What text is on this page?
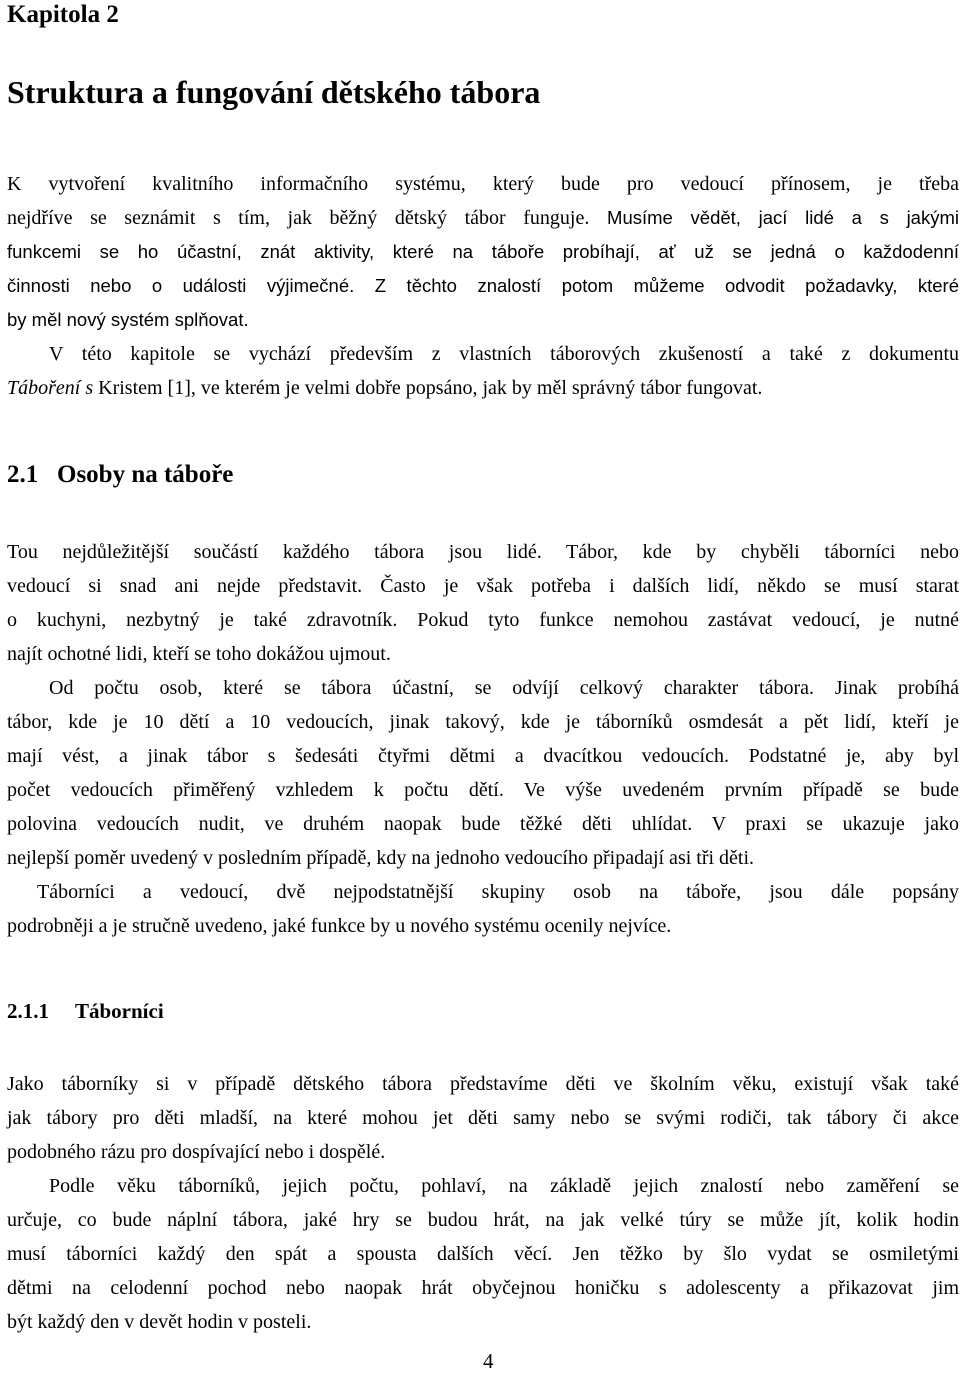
Kapitola 2
Struktura a fungování dětského tábora
K vytvoření kvalitního informačního systému, který bude pro vedoucí přínosem, je třeba
nejdříve se seznámit s tím, jak běžný dětský tábor funguje. Musíme vědět, jací lidé a s jakými
funkcemi se ho účastní, znát aktivity, které na táboře probíhají, ať už se jedná o každodenní
činnosti nebo o události výjimečné. Z těchto znalostí potom můžeme odvodit požadavky, které
by měl nový systém splňovat.
V této kapitole se vychází především z vlastních táborových zkušeností a také z dokumentu
Táboření s Kristem [1], ve kterém je velmi dobře popsáno, jak by měl správný tábor fungovat.
2.1 Osoby na táboře
Tou nejdůležitější součástí každého tábora jsou lidé. Tábor, kde by chyběli táborníci nebo
vedoucí si snad ani nejde představit. Často je však potřeba i dalších lidí, někdo se musí starat
o kuchyni, nezbytný je také zdravotník. Pokud tyto funkce nemohou zastávat vedoucí, je nutné
najít ochotné lidi, kteří se toho dokážou ujmout.
Od počtu osob, které se tábora účastní, se odvíjí celkový charakter tábora. Jinak probíhá
tábor, kde je 10 dětí a 10 vedoucích, jinak takový, kde je táborníků osmdesát a pět lidí, kteří je
mají vést, a jinak tábor s šedesáti čtyřmi dětmi a dvacítkou vedoucích. Podstatné je, aby byl
počet vedoucích přiměřený vzhledem k počtu dětí. Ve výše uvedeném prvním případě se bude
polovina vedoucích nudit, ve druhém naopak bude těžké děti uhlídat. V praxi se ukazuje jako
nejlepší poměr uvedený v posledním případě, kdy na jednoho vedoucího připadají asi tři děti.
Táborníci a vedoucí, dvě nejpodstatnější skupiny osob na táboře, jsou dále popsány
podrobněji a je stručně uvedeno, jaké funkce by u nového systému ocenily nejvíce.
2.1.1 Táborníci
Jako táborníky si v případě dětského tábora představíme děti ve školním věku, existují však také
jak tábory pro děti mladší, na které mohou jet děti samy nebo se svými rodiči, tak tábory či akce
podobného rázu pro dospívající nebo i dospělé.
Podle věku táborníků, jejich počtu, pohlaví, na základě jejich znalostí nebo zaměření se
určuje, co bude náplní tábora, jaké hry se budou hrát, na jak velké túry se může jít, kolik hodin
musí táborníci každý den spát a spousta dalších věcí. Jen těžko by šlo vydat se osmiletými
dětmi na celodenní pochod nebo naopak hrát obyčejnou honičku s adolescenty a přikazovat jim
být každý den v devět hodin v posteli.
4
